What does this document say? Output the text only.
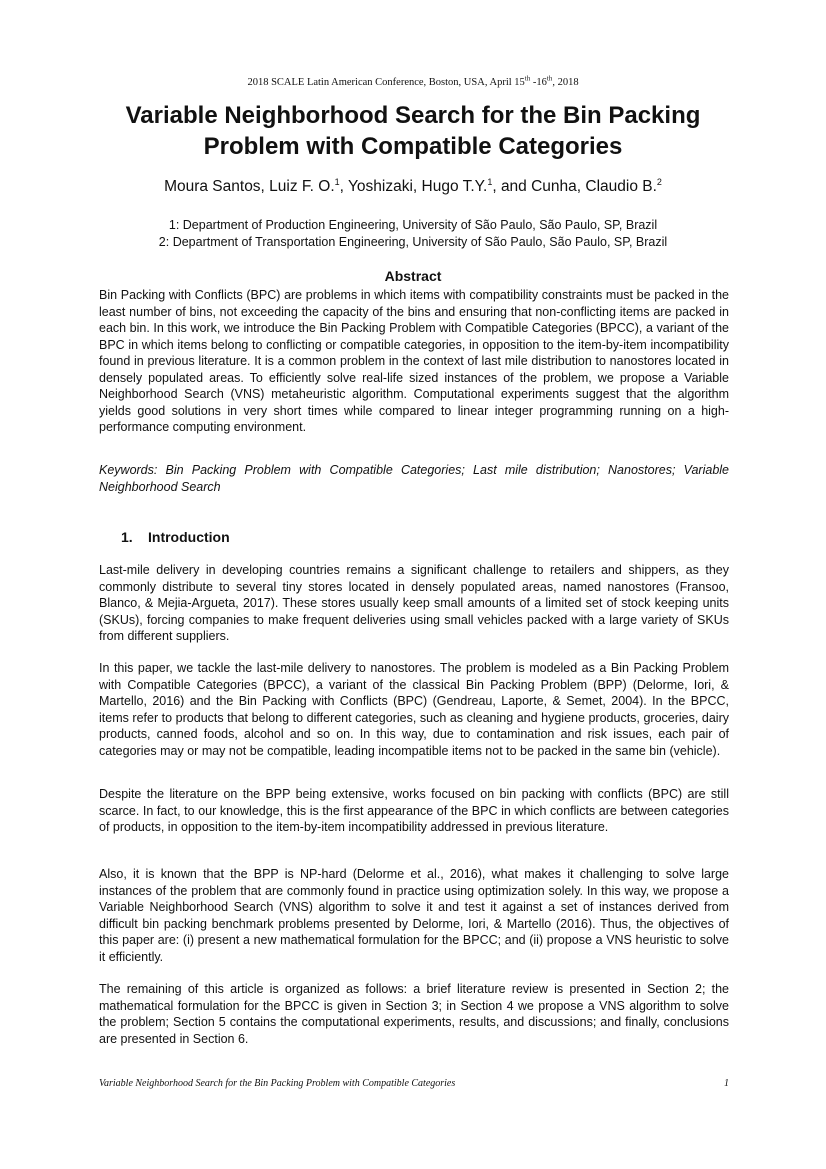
2018 SCALE Latin American Conference, Boston, USA, April 15th -16th, 2018
Variable Neighborhood Search for the Bin Packing
Problem with Compatible Categories
Moura Santos, Luiz F. O.$^1$, Yoshizaki, Hugo T.Y.$^1$, and Cunha, Claudio B.$^2$
1: Department of Production Engineering, University of São Paulo, São Paulo, SP, Brazil
2: Department of Transportation Engineering, University of São Paulo, São Paulo, SP, Brazil
Abstract

Bin Packing with Conflicts (BPC) are problems in which items with compatibility constraints must be packed in the least number of bins, not exceeding the capacity of the bins and ensuring that non-conflicting items are packed in each bin. In this work, we introduce the Bin Packing Problem with Compatible Categories (BPCC), a variant of the BPC in which items belong to conflicting or compatible categories, in opposition to the item-by-item incompatibility found in previous literature. It is a common problem in the context of last mile distribution to nanostores located in densely populated areas. To efficiently solve real-life sized instances of the problem, we propose a Variable Neighborhood Search (VNS) metaheuristic algorithm. Computational experiments suggest that the algorithm yields good solutions in very short times while compared to linear integer programming running on a high-performance computing environment.

Keywords: Bin Packing Problem with Compatible Categories; Last mile distribution; Nanostores; Variable Neighborhood Search

1. Introduction

Last-mile delivery in developing countries remains a significant challenge to retailers and shippers, as they commonly distribute to several tiny stores located in densely populated areas, named nanostores (Fransoo, Blanco, & Mejia-Argueta, 2017). These stores usually keep small amounts of a limited set of stock keeping units (SKUs), forcing companies to make frequent deliveries using small vehicles packed with a large variety of SKUs from different suppliers.

In this paper, we tackle the last-mile delivery to nanostores. The problem is modeled as a Bin Packing Problem with Compatible Categories (BPCC), a variant of the classical Bin Packing Problem (BPP) (Delorme, Iori, & Martello, 2016) and the Bin Packing with Conflicts (BPC) (Gendreau, Laporte, & Semet, 2004). In the BPCC, items refer to products that belong to different categories, such as cleaning and hygiene products, groceries, dairy products, canned foods, alcohol and so on. In this way, due to contamination and risk issues, each pair of categories may or may not be compatible, leading incompatible items not to be packed in the same bin (vehicle).

Despite the literature on the BPP being extensive, works focused on bin packing with conflicts (BPC) are still scarce. In fact, to our knowledge, this is the first appearance of the BPC in which conflicts are between categories of products, in opposition to the item-by-item incompatibility addressed in previous literature.

Also, it is known that the BPP is NP-hard (Delorme et al., 2016), what makes it challenging to solve large instances of the problem that are commonly found in practice using optimization solely. In this way, we propose a Variable Neighborhood Search (VNS) algorithm to solve it and test it against a set of instances derived from difficult bin packing benchmark problems presented by Delorme, Iori, & Martello (2016). Thus, the objectives of this paper are: (i) present a new mathematical formulation for the BPCC; and (ii) propose a VNS heuristic to solve it efficiently.

The remaining of this article is organized as follows: a brief literature review is presented in Section 2; the mathematical formulation for the BPCC is given in Section 3; in Section 4 we propose a VNS algorithm to solve the problem; Section 5 contains the computational experiments, results, and discussions; and finally, conclusions are presented in Section 6.

Variable Neighborhood Search for the Bin Packing Problem with Compatible Categories	1
